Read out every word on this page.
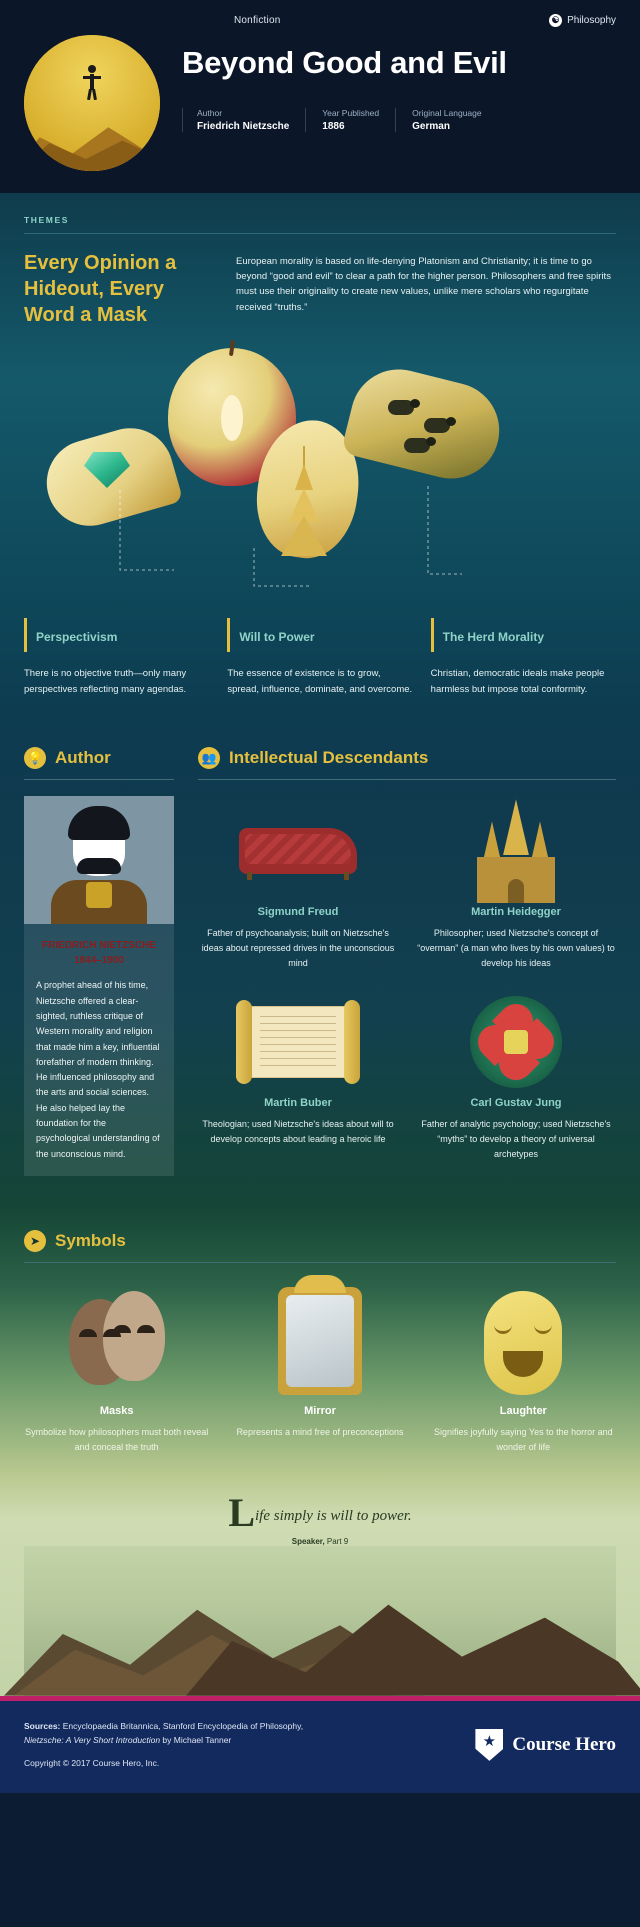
Nonfiction	☯ Philosophy
Beyond Good and Evil
Author
Friedrich Nietzsche
Year Published
1886
Original Language
German
THEMES
Every Opinion a Hideout, Every Word a Mask
European morality is based on life-denying Platonism and Christianity; it is time to go beyond “good and evil” to clear a path for the higher person. Philosophers and free spirits must use their originality to create new values, unlike mere scholars who regurgitate received “truths.”
Perspectivism

There is no objective truth—only many perspectives reflecting many agendas.

Will to Power

The essence of existence is to grow, spread, influence, dominate, and overcome.

The Herd Morality

Christian, democratic ideals make people harmless but impose total conformity.

💡 Author
FRIEDRICH NIETZSCHE
1844–1900
A prophet ahead of his time, Nietzsche offered a clear-sighted, ruthless critique of Western morality and religion that made him a key, influential forefather of modern thinking. He influenced philosophy and the arts and social sciences. He also helped lay the foundation for the psychological understanding of the unconscious mind.
👥 Intellectual Descendants
Sigmund Freud
Father of psychoanalysis; built on Nietzsche's ideas about repressed drives in the unconscious mind
Martin Heidegger
Philosopher; used Nietzsche's concept of “overman” (a man who lives by his own values) to develop his ideas
Martin Buber
Theologian; used Nietzsche's ideas about will to develop concepts about leading a heroic life
Carl Gustav Jung
Father of analytic psychology; used Nietzsche's “myths” to develop a theory of universal archetypes
➤ Symbols
Masks
Symbolize how philosophers must both reveal and conceal the truth
Mirror
Represents a mind free of preconceptions
Laughter
Signifies joyfully saying Yes to the horror and wonder of life
Life simply is will to power.
Speaker, Part 9
Sources: Encyclopaedia Britannica, Stanford Encyclopedia of Philosophy,
Nietzsche: A Very Short Introduction by Michael Tanner
Copyright © 2017 Course Hero, Inc.
★
Course Hero
